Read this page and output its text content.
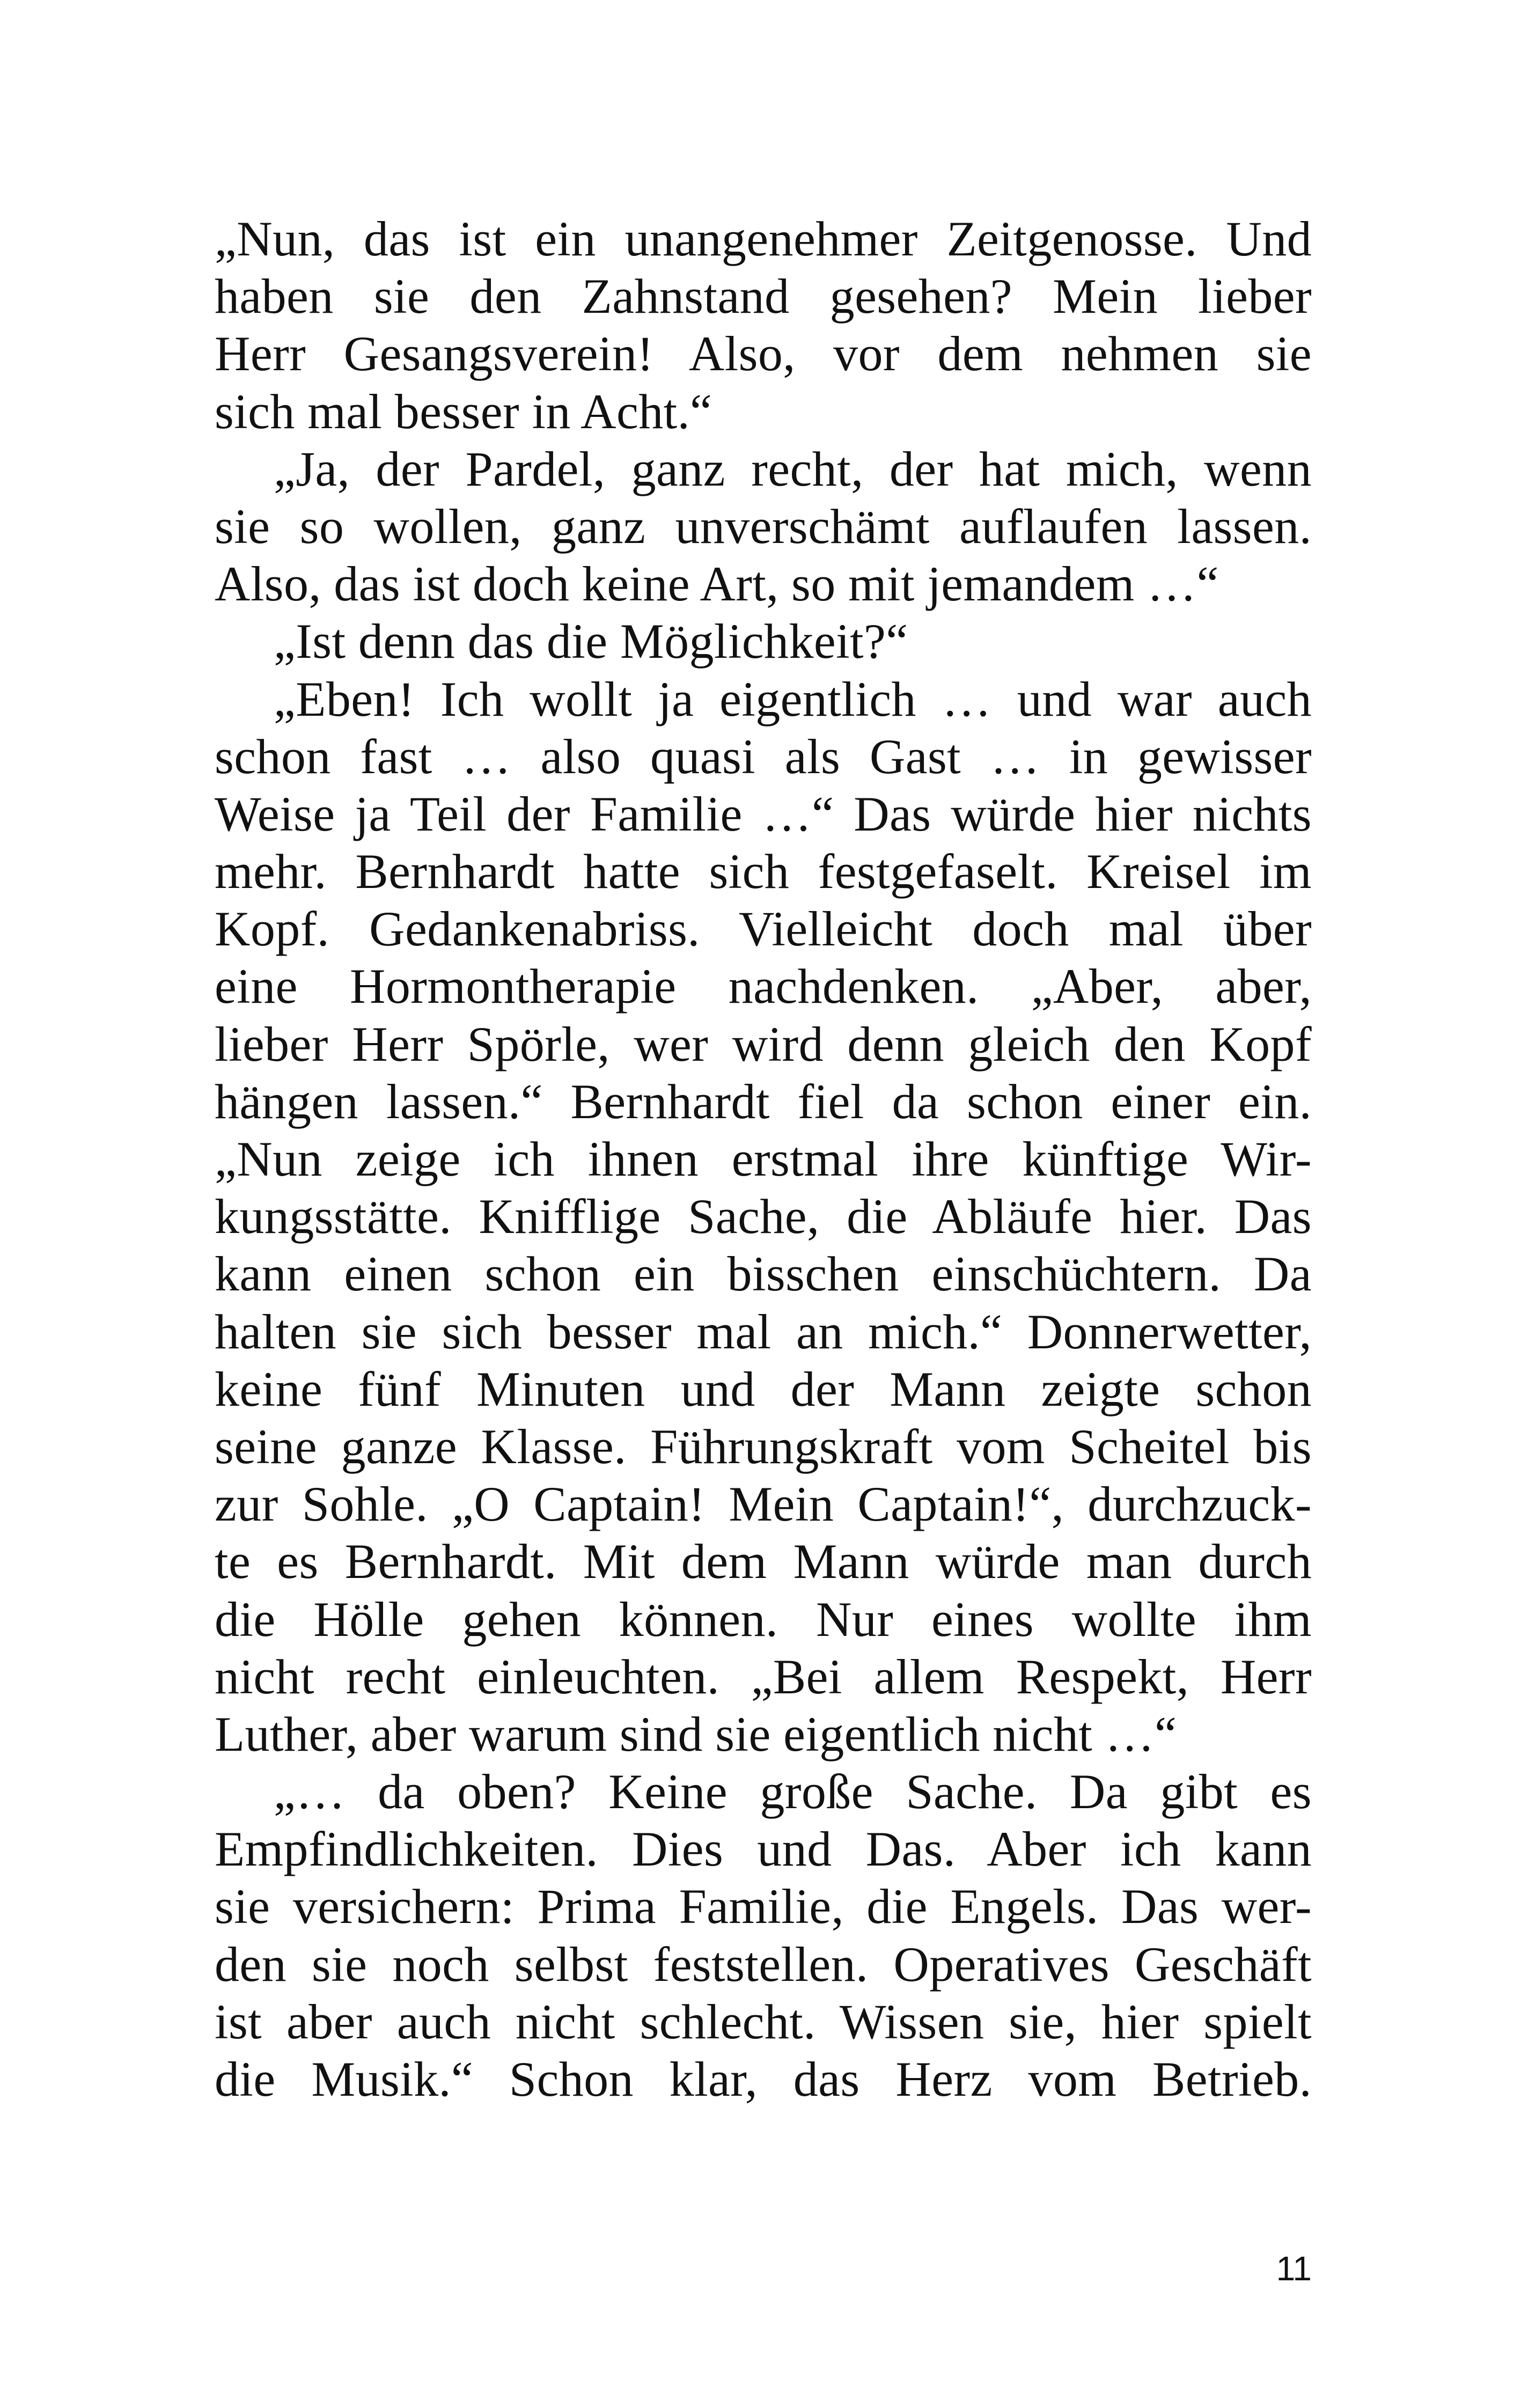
„Nun, das ist ein unangenehmer Zeitgenosse. Und
haben sie den Zahnstand gesehen? Mein lieber
Herr Gesangsverein! Also, vor dem nehmen sie
sich mal besser in Acht.“
„Ja, der Pardel, ganz recht, der hat mich, wenn
sie so wollen, ganz unverschämt auflaufen lassen.
Also, das ist doch keine Art, so mit jemandem …“
„Ist denn das die Möglichkeit?“
„Eben! Ich wollt ja eigentlich … und war auch
schon fast … also quasi als Gast … in gewisser
Weise ja Teil der Familie …“ Das würde hier nichts
mehr. Bernhardt hatte sich festgefaselt. Kreisel im
Kopf. Gedankenabriss. Vielleicht doch mal über
eine Hormontherapie nachdenken. „Aber, aber,
lieber Herr Spörle, wer wird denn gleich den Kopf
hängen lassen.“ Bernhardt fiel da schon einer ein.
„Nun zeige ich ihnen erstmal ihre künftige Wir-
kungsstätte. Knifflige Sache, die Abläufe hier. Das
kann einen schon ein bisschen einschüchtern. Da
halten sie sich besser mal an mich.“ Donnerwetter,
keine fünf Minuten und der Mann zeigte schon
seine ganze Klasse. Führungskraft vom Scheitel bis
zur Sohle. „O Captain! Mein Captain!“, durchzuck-
te es Bernhardt. Mit dem Mann würde man durch
die Hölle gehen können. Nur eines wollte ihm
nicht recht einleuchten. „Bei allem Respekt, Herr
Luther, aber warum sind sie eigentlich nicht …“
„… da oben? Keine große Sache. Da gibt es
Empfindlichkeiten. Dies und Das. Aber ich kann
sie versichern: Prima Familie, die Engels. Das wer-
den sie noch selbst feststellen. Operatives Geschäft
ist aber auch nicht schlecht. Wissen sie, hier spielt
die Musik.“ Schon klar, das Herz vom Betrieb.
11
